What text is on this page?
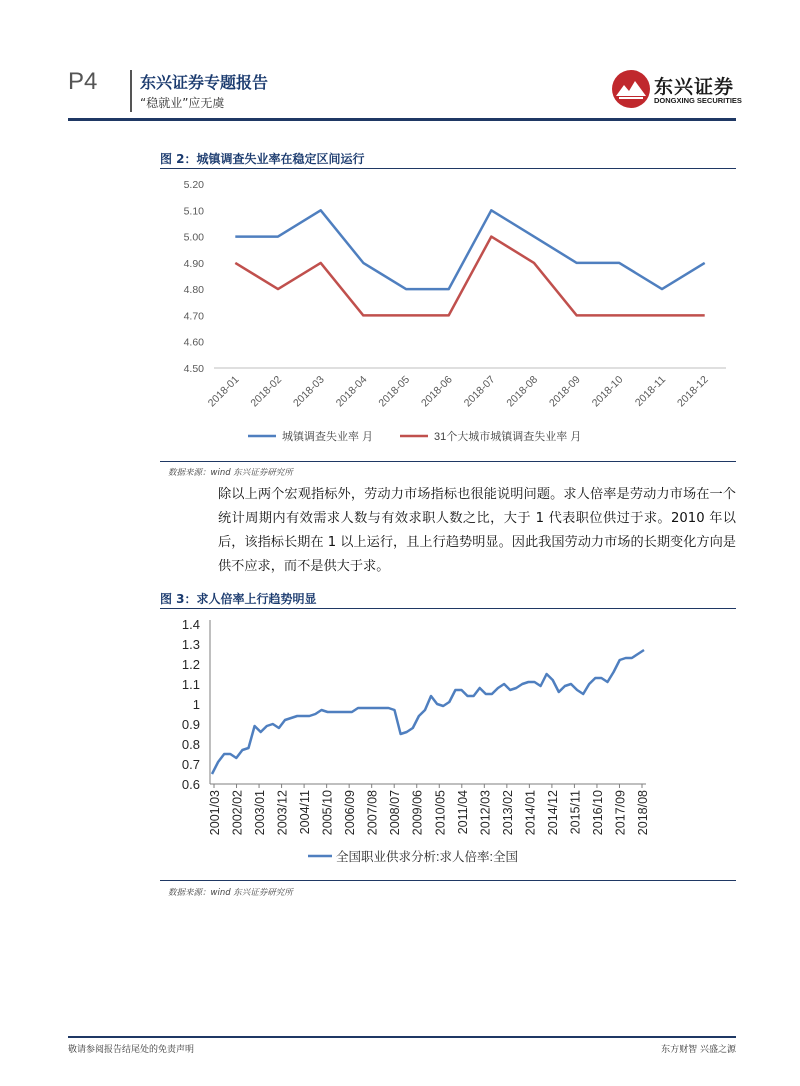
P4	东兴证券专题报告
“稳就业”应无虞
东兴证券
DONGXING SECURITIES
图 2：城镇调查失业率在稳定区间运行
5.20
5.10
5.00
4.90
4.80
4.70
4.60
4.50
2018-01 2018-02 2018-03 2018-04 2018-05 2018-06 2018-07 2018-08 2018-09 2018-10 2018-11 2018-12
城镇调查失业率 月	31个大城市城镇调查失业率 月
数据来源：wind 东兴证券研究所
除以上两个宏观指标外，劳动力市场指标也很能说明问题。求人倍率是劳动力市场在一个统计周期内有效需求人数与有效求职人数之比，大于 1 代表职位供过于求。2010 年以后，该指标长期在 1 以上运行，且上行趋势明显。因此我国劳动力市场的长期变化方向是供不应求，而不是供大于求。
图 3：求人倍率上行趋势明显
1.4
1.3
1.2
1.1
1
0.9
0.8
0.7
0.6
2001/03 2002/02 2003/01 2003/12 2004/11 2005/10 2006/09 2007/08 2008/07 2009/06 2010/05 2011/04 2012/03 2013/02 2014/01 2014/12 2015/11 2016/10 2017/09 2018/08
全国职业供求分析:求人倍率:全国
数据来源：wind 东兴证券研究所
敬请参阅报告结尾处的免责声明	东方财智 兴盛之源
